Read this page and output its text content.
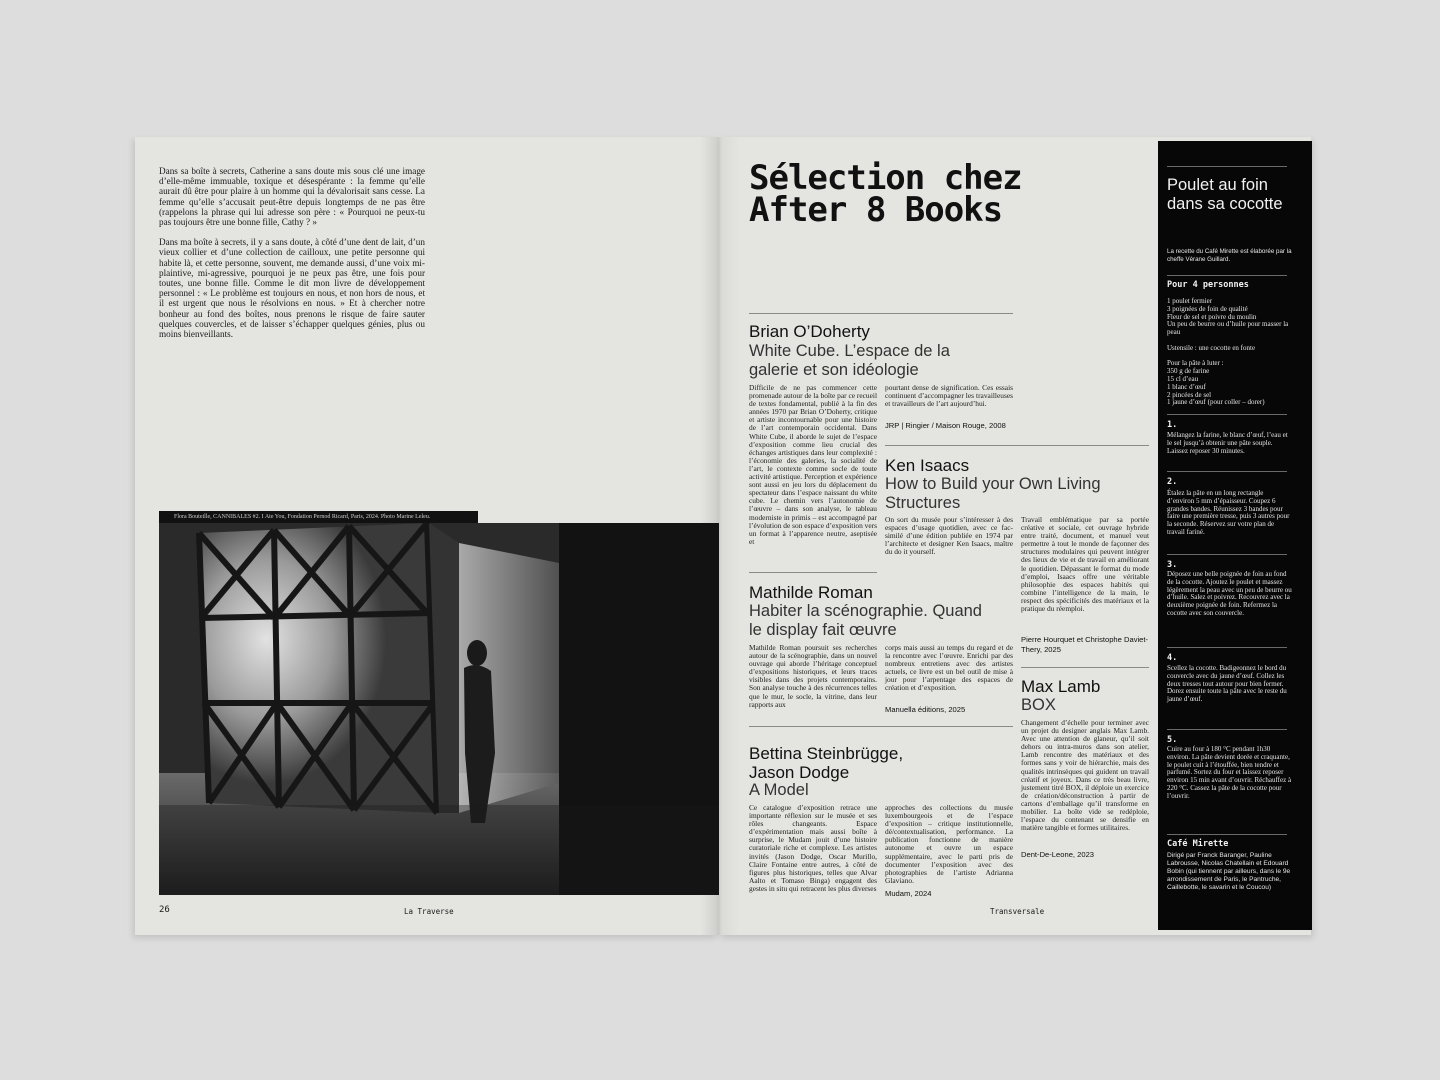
Dans sa boîte à secrets, Catherine a sans doute mis sous clé une image d’elle-même immuable, toxique et désespérante : la femme qu’elle aurait dû être pour plaire à un homme qui la dévalorisait sans cesse. La femme qu’elle s’accusait peut-être depuis longtemps de ne pas être (rappelons la phrase qui lui adresse son père : « Pourquoi ne peux-tu pas toujours être une bonne fille, Cathy ? »

Dans ma boîte à secrets, il y a sans doute, à côté d’une dent de lait, d’un vieux collier et d’une collection de cailloux, une petite personne qui habite là, et cette personne, souvent, me demande aussi, d’une voix mi-plaintive, mi-agressive, pourquoi je ne peux pas être, une fois pour toutes, une bonne fille. Comme le dit mon livre de développement personnel : « Le problème est toujours en nous, et non hors de nous, et il est urgent que nous le résolvions en nous. » Et à chercher notre bonheur au fond des boîtes, nous prenons le risque de faire sauter quelques couvercles, et de laisser s’échapper quelques génies, plus ou moins bienveillants.

Flora Bouteille, CANNIBALES #2. I Ate You, Fondation Pernod Ricard, Paris, 2024. Photo Marine Leleu.
26	La Traverse
Sélection chez
After 8 Books
Brian O’Doherty
White Cube. L’espace de la galerie et son idéologie
Difficile de ne pas commencer cette promenade autour de la boîte par ce recueil de textes fondamental, publié à la fin des années 1970 par Brian O’Doherty, critique et artiste incontournable pour une histoire de l’art contemporain occidental. Dans White Cube, il aborde le sujet de l’espace d’exposition comme lieu crucial des échanges artistiques dans leur complexité : l’économie des galeries, la socialité de l’art, le contexte comme socle de toute activité artistique. Perception et expérience sont aussi en jeu lors du déplacement du spectateur dans l’espace naissant du white cube. Le chemin vers l’autonomie de l’œuvre – dans son analyse, le tableau moderniste in primis – est accompagné par l’évolution de son espace d’exposition vers un format à l’apparence neutre, aseptisée et
pourtant dense de signification. Ces essais continuent d’accompagner les travailleuses et travailleurs de l’art aujourd’hui.
JRP | Ringier / Maison Rouge, 2008
Ken Isaacs
How to Build your Own Living Structures
On sort du musée pour s’intéresser à des espaces d’usage quotidien, avec ce fac-similé d’une édition publiée en 1974 par l’architecte et designer Ken Isaacs, maître du do it yourself.
Travail emblématique par sa portée créative et sociale, cet ouvrage hybride entre traité, document, et manuel veut permettre à tout le monde de façonner des structures modulaires qui peuvent intégrer des lieux de vie et de travail en améliorant le quotidien. Dépassant le format du mode d’emploi, Isaacs offre une véritable philosophie des espaces habités qui combine l’intelligence de la main, le respect des spécificités des matériaux et la pratique du réemploi.
Pierre Hourquet et Christophe Daviet-Thery, 2025
Mathilde Roman
Habiter la scénographie. Quand le display fait œuvre
Mathilde Roman poursuit ses recherches autour de la scénographie, dans un nouvel ouvrage qui aborde l’héritage conceptuel d’expositions historiques, et leurs traces visibles dans des projets contemporains. Son analyse touche à des récurrences telles que le mur, le socle, la vitrine, dans leur rapports aux
corps mais aussi au temps du regard et de la rencontre avec l’œuvre. Enrichi par des nombreux entretiens avec des artistes actuels, ce livre est un bel outil de mise à jour pour l’arpentage des espaces de création et d’exposition.
Manuella éditions, 2025
Max Lamb
BOX
Changement d’échelle pour terminer avec un projet du designer anglais Max Lamb. Avec une attention de glaneur, qu’il soit dehors ou intra-muros dans son atelier, Lamb rencontre des matériaux et des formes sans y voir de hiérarchie, mais des qualités intrinsèques qui guident un travail créatif et joyeux. Dans ce très beau livre, justement titré BOX, il déploie un exercice de création/déconstruction à partir de cartons d’emballage qu’il transforme en mobilier. La boîte vide se redéploie, l’espace du contenant se densifie en matière tangible et formes utilitaires.
Dent-De-Leone, 2023
Bettina Steinbrügge, Jason Dodge
A Model
Ce catalogue d’exposition retrace une importante réflexion sur le musée et ses rôles changeants. Espace d’expérimentation mais aussi boîte à surprise, le Mudam jouit d’une histoire curatoriale riche et complexe. Les artistes invités (Jason Dodge, Oscar Murillo, Claire Fontaine entre autres, à côté de figures plus historiques, telles que Alvar Aalto et Tomaso Binga) engagent des gestes in situ qui retracent les plus diverses
approches des collections du musée luxembourgeois et de l’espace d’exposition – critique institutionnelle, dé/contextualisation, performance. La publication fonctionne de manière autonome et ouvre un espace supplémentaire, avec le parti pris de documenter l’exposition avec des photographies de l’artiste Adrianna Glaviano.
Mudam, 2024
Transversale
Poulet au foin dans sa cocotte
La recette du Café Mirette est élaborée par la cheffe Vérane Guillard.
Pour 4 personnes

1 poulet fermier

3 poignées de foin de qualité

Fleur de sel et poivre du moulin

Un peu de beurre ou d’huile pour masser la peau

Ustensile : une cocotte en fonte

Pour la pâte à luter :

350 g de farine

15 cl d’eau

1 blanc d’œuf

2 pincées de sel

1 jaune d’œuf (pour coller – dorer)

1.
Mélangez la farine, le blanc d’œuf, l’eau et le sel jusqu’à obtenir une pâte souple. Laissez reposer 30 minutes.
2.
Étalez la pâte en un long rectangle d’environ 5 mm d’épaisseur. Coupez 6 grandes bandes. Réunissez 3 bandes pour faire une première tresse, puis 3 autres pour la seconde. Réservez sur votre plan de travail fariné.
3.
Déposez une belle poignée de foin au fond de la cocotte. Ajoutez le poulet et massez légèrement la peau avec un peu de beurre ou d’huile. Salez et poivrez. Recouvrez avec la deuxième poignée de foin. Refermez la cocotte avec son couvercle.
4.
Scellez la cocotte. Badigeonnez le bord du couvercle avec du jaune d’œuf. Collez les deux tresses tout autour pour bien fermer. Dorez ensuite toute la pâte avec le reste du jaune d’œuf.
5.
Cuire au four à 180 °C pendant 1h30 environ. La pâte devient dorée et craquante, le poulet cuit à l’étouffée, bien tendre et parfumé. Sortez du four et laissez reposer environ 15 min avant d’ouvrir. Réchauffez à 220 °C. Cassez la pâte de la cocotte pour l’ouvrir.
Café Mirette
Dirigé par Franck Baranger, Pauline Labrousse, Nicolas Chatellain et Edouard Bobin (qui tiennent par ailleurs, dans le 9e arrondissement de Paris, le Pantruche, Caillebotte, le savarin et le Coucou)
